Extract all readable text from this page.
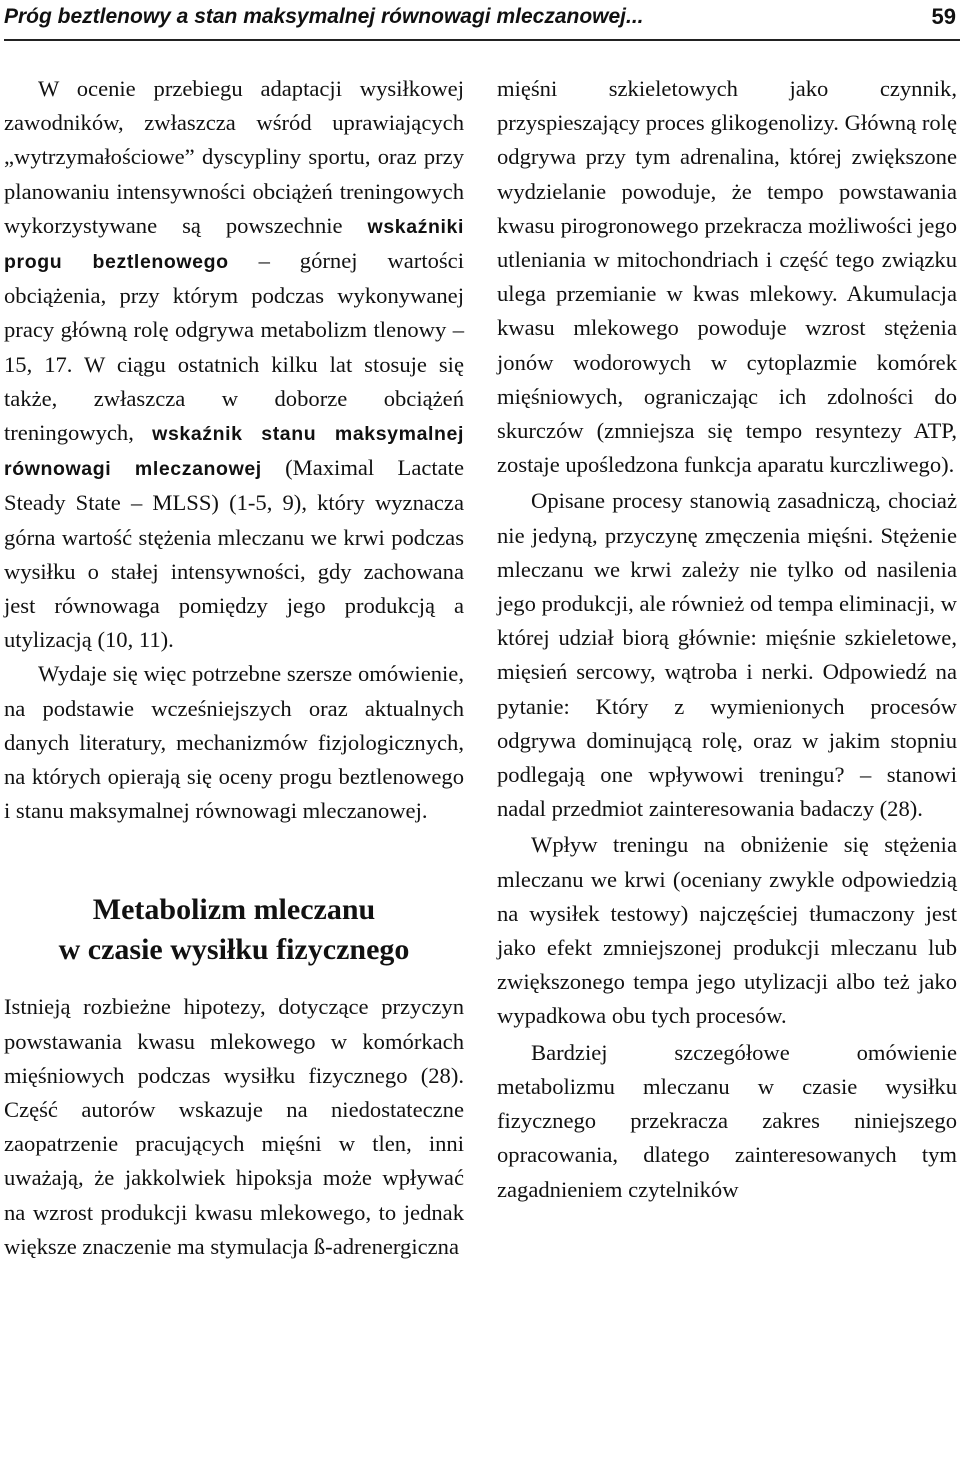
Próg beztlenowy a stan maksymalnej równowagi mleczanowej...	59

W ocenie przebiegu adaptacji wysiłkowej zawodników, zwłaszcza wśród uprawiających „wytrzymałościowe” dyscypliny sportu, oraz przy planowaniu intensywności obciążeń treningowych wykorzystywane są powszechnie wskaźniki progu beztlenowego – górnej wartości obciążenia, przy którym podczas wykonywanej pracy główną rolę odgrywa metabolizm tlenowy – 15, 17. W ciągu ostatnich kilku lat stosuje się także, zwłaszcza w doborze obciążeń treningowych, wskaźnik stanu maksymalnej równowagi mleczanowej (Maximal Lactate Steady State – MLSS) (1-5, 9), który wyznacza górna wartość stężenia mleczanu we krwi podczas wysiłku o stałej intensywności, gdy zachowana jest równowaga pomiędzy jego produkcją a utylizacją (10, 11).

Wydaje się więc potrzebne szersze omówienie, na podstawie wcześniejszych oraz aktualnych danych literatury, mechanizmów fizjologicznych, na których opierają się oceny progu beztlenowego i stanu maksymalnej równowagi mleczanowej.

Metabolizm mleczanu
w czasie wysiłku fizycznego

Istnieją rozbieżne hipotezy, dotyczące przyczyn powstawania kwasu mlekowego w komórkach mięśniowych podczas wysiłku fizycznego (28). Część autorów wskazuje na niedostateczne zaopatrzenie pracujących mięśni w tlen, inni uważają, że jakkolwiek hipoksja może wpływać na wzrost produkcji kwasu mlekowego, to jednak większe znaczenie ma stymulacja ß-adrenergiczna

mięśni szkieletowych jako czynnik, przyspieszający proces glikogenolizy. Główną rolę odgrywa przy tym adrenalina, której zwiększone wydzielanie powoduje, że tempo powstawania kwasu pirogronowego przekracza możliwości jego utleniania w mitochondriach i część tego związku ulega przemianie w kwas mlekowy. Akumulacja kwasu mlekowego powoduje wzrost stężenia jonów wodorowych w cytoplazmie komórek mięśniowych, ograniczając ich zdolności do skurczów (zmniejsza się tempo resyntezy ATP, zostaje upośledzona funkcja aparatu kurczliwego).

Opisane procesy stanowią zasadniczą, chociaż nie jedyną, przyczynę zmęczenia mięśni. Stężenie mleczanu we krwi zależy nie tylko od nasilenia jego produkcji, ale również od tempa eliminacji, w której udział biorą głównie: mięśnie szkieletowe, mięsień sercowy, wątroba i nerki. Odpowiedź na pytanie: Który z wymienionych procesów odgrywa dominującą rolę, oraz w jakim stopniu podlegają one wpływowi treningu? – stanowi nadal przedmiot zainteresowania badaczy (28).

Wpływ treningu na obniżenie się stężenia mleczanu we krwi (oceniany zwykle odpowiedzią na wysiłek testowy) najczęściej tłumaczony jest jako efekt zmniejszonej produkcji mleczanu lub zwiększonego tempa jego utylizacji albo też jako wypadkowa obu tych procesów.

Bardziej szczegółowe omówienie metabolizmu mleczanu w czasie wysiłku fizycznego przekracza zakres niniejszego opracowania, dlatego zainteresowanych tym zagadnieniem czytelników
